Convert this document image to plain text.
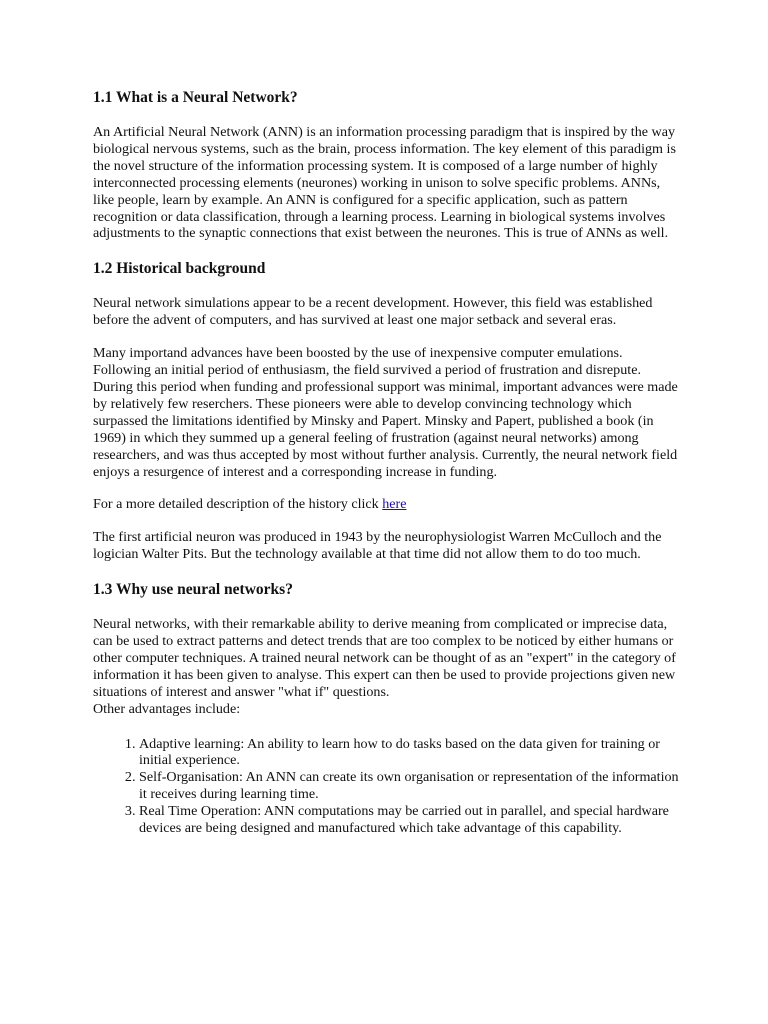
1.1 What is a Neural Network?

An Artificial Neural Network (ANN) is an information processing paradigm that is inspired by the way biological nervous systems, such as the brain, process information. The key element of this paradigm is the novel structure of the information processing system. It is composed of a large number of highly interconnected processing elements (neurones) working in unison to solve specific problems. ANNs, like people, learn by example. An ANN is configured for a specific application, such as pattern recognition or data classification, through a learning process. Learning in biological systems involves adjustments to the synaptic connections that exist between the neurones. This is true of ANNs as well.

1.2 Historical background

Neural network simulations appear to be a recent development. However, this field was established before the advent of computers, and has survived at least one major setback and several eras.

Many importand advances have been boosted by the use of inexpensive computer emulations. Following an initial period of enthusiasm, the field survived a period of frustration and disrepute. During this period when funding and professional support was minimal, important advances were made by relatively few reserchers. These pioneers were able to develop convincing technology which surpassed the limitations identified by Minsky and Papert. Minsky and Papert, published a book (in 1969) in which they summed up a general feeling of frustration (against neural networks) among researchers, and was thus accepted by most without further analysis. Currently, the neural network field enjoys a resurgence of interest and a corresponding increase in funding.

For a more detailed description of the history click here

The first artificial neuron was produced in 1943 by the neurophysiologist Warren McCulloch and the logician Walter Pits. But the technology available at that time did not allow them to do too much.

1.3 Why use neural networks?

Neural networks, with their remarkable ability to derive meaning from complicated or imprecise data, can be used to extract patterns and detect trends that are too complex to be noticed by either humans or other computer techniques. A trained neural network can be thought of as an "expert" in the category of information it has been given to analyse. This expert can then be used to provide projections given new situations of interest and answer "what if" questions.

Other advantages include:

1. Adaptive learning: An ability to learn how to do tasks based on the data given for training or initial experience.
2. Self-Organisation: An ANN can create its own organisation or representation of the information it receives during learning time.
3. Real Time Operation: ANN computations may be carried out in parallel, and special hardware devices are being designed and manufactured which take advantage of this capability.
